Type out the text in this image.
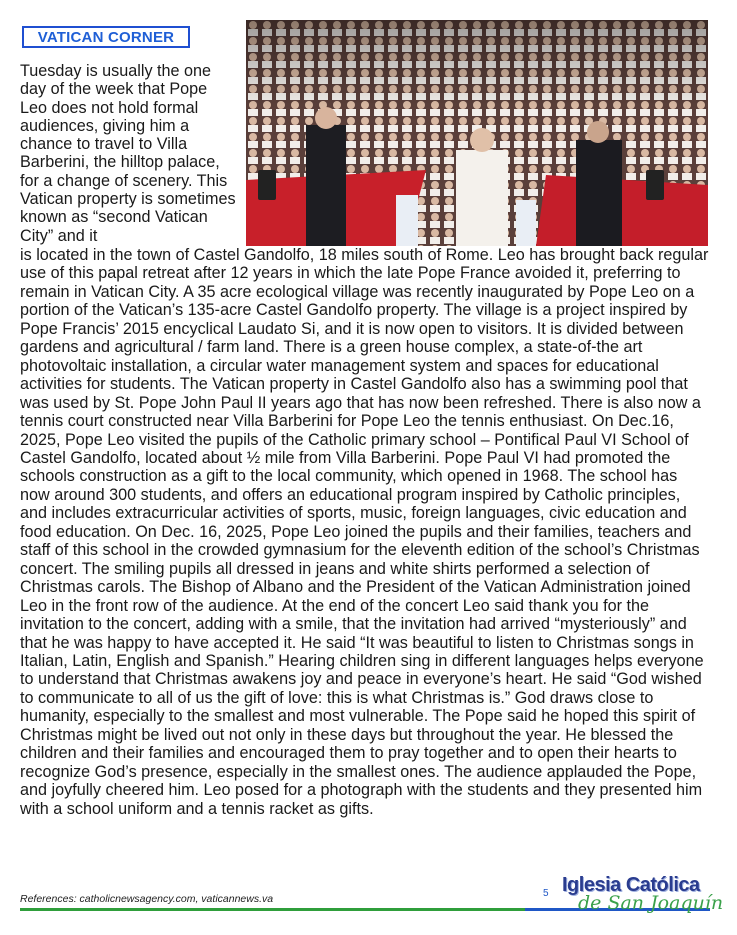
VATICAN CORNER

Tuesday is usually the one day of the week that Pope Leo does not hold formal audiences, giving him a chance to travel to Villa Barberini, the hilltop palace, for a change of scenery. This Vatican property is sometimes known as “second Vatican City” and it

is located in the town of Castel Gandolfo, 18 miles south of Rome. Leo has brought back regular use of this papal retreat after 12 years in which the late Pope France avoided it, preferring to remain in Vatican City. A 35 acre ecological village was recently inaugurated by Pope Leo on a portion of the Vatican’s 135-acre Castel Gandolfo property. The village is a project inspired by Pope Francis’ 2015 encyclical Laudato Si, and it is now open to visitors. It is divided between gardens and agricultural / farm land. There is a green house complex, a state-of-the art photovoltaic installation, a circular water management system and spaces for educational activities for students. The Vatican property in Castel Gandolfo also has a swimming pool that was used by St. Pope John Paul II years ago that has now been refreshed. There is also now a tennis court constructed near Villa Barberini for Pope Leo the tennis enthusiast. On Dec.16, 2025, Pope Leo visited the pupils of the Catholic primary school – Pontifical Paul VI School of Castel Gandolfo, located about ½ mile from Villa Barberini. Pope Paul VI had promoted the schools construction as a gift to the local community, which opened in 1968. The school has now around 300 students, and offers an educational program inspired by Catholic principles, and includes extracurricular activities of sports, music, foreign languages, civic education and food education. On Dec. 16, 2025, Pope Leo joined the pupils and their families, teachers and staff of this school in the crowded gymnasium for the eleventh edition of the school’s Christmas concert. The smiling pupils all dressed in jeans and white shirts performed a selection of Christmas carols. The Bishop of Albano and the President of the Vatican Administration joined Leo in the front row of the audience. At the end of the concert Leo said thank you for the invitation to the concert, adding with a smile, that the invitation had arrived “mysteriously” and that he was happy to have accepted it. He said “It was beautiful to listen to Christmas songs in Italian, Latin, English and Spanish.” Hearing children sing in different languages helps everyone to understand that Christmas awakens joy and peace in everyone’s heart. He said “God wished to communicate to all of us the gift of love: this is what Christmas is.” God draws close to humanity, especially to the smallest and most vulnerable. The Pope said he hoped this spirit of Christmas might be lived out not only in these days but throughout the year. He blessed the children and their families and encouraged them to pray together and to open their hearts to recognize God’s presence, especially in the smallest ones. The audience applauded the Pope, and joyfully cheered him. Leo posed for a photograph with the students and they presented him with a school uniform and a tennis racket as gifts.

References: catholicnewsagency.com, vaticannews.va	5 Iglesia Católica
de San Joaquín
